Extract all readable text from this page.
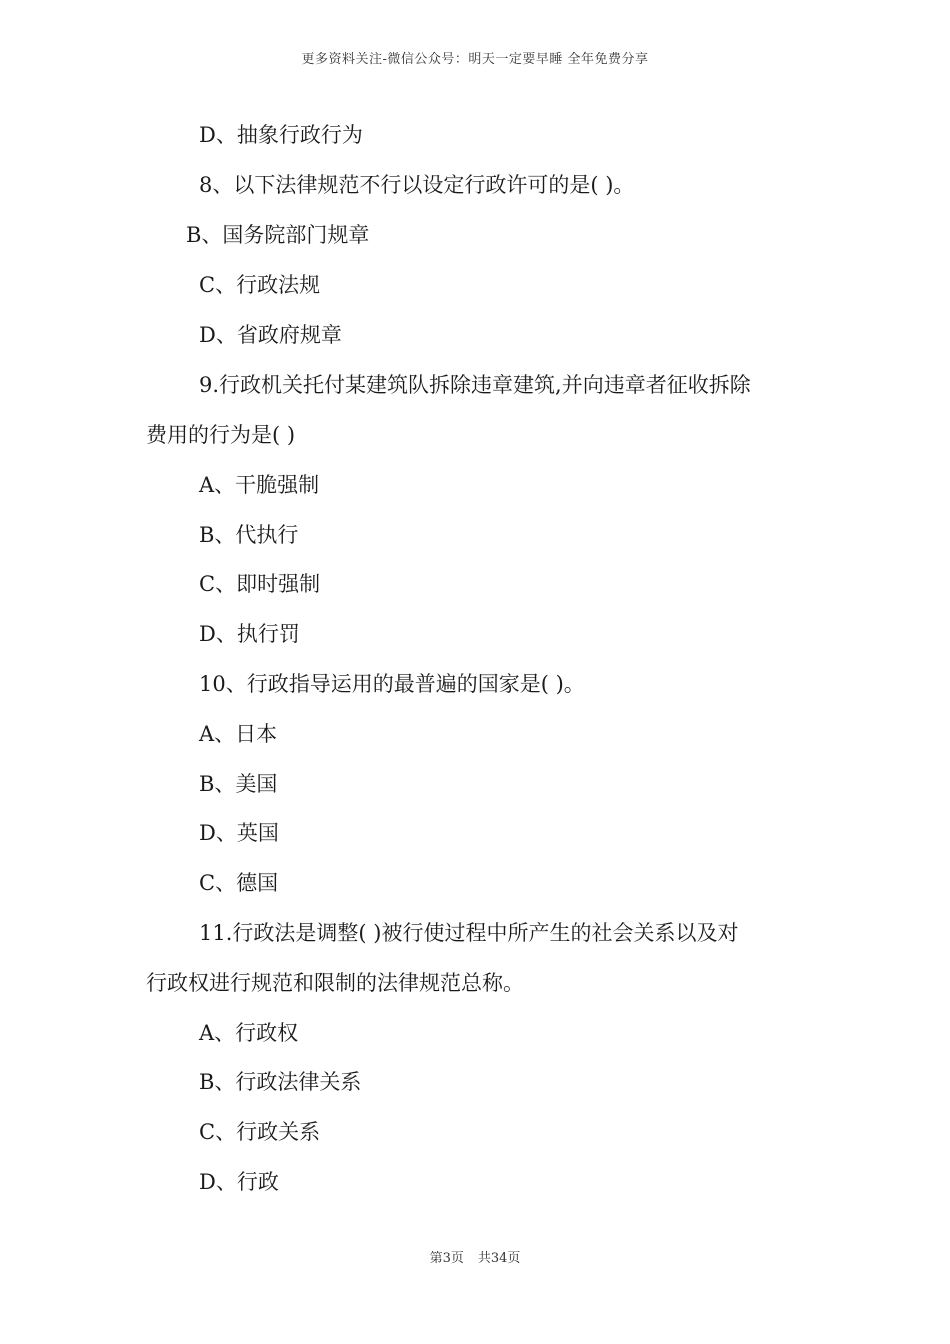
更多资料关注-微信公众号：明天一定要早睡 全年免费分享
D、抽象行政行为
8、以下法律规范不行以设定行政许可的是( )。
B、国务院部门规章
C、行政法规
D、省政府规章
9.行政机关托付某建筑队拆除违章建筑,并向违章者征收拆除
费用的行为是( )
A、干脆强制
B、代执行
C、即时强制
D、执行罚
10、行政指导运用的最普遍的国家是( )。
A、日本
B、美国
D、英国
C、德国
11.行政法是调整( )被行使过程中所产生的社会关系以及对
行政权进行规范和限制的法律规范总称。
A、行政权
B、行政法律关系
C、行政关系
D、行政
第3页 共34页
